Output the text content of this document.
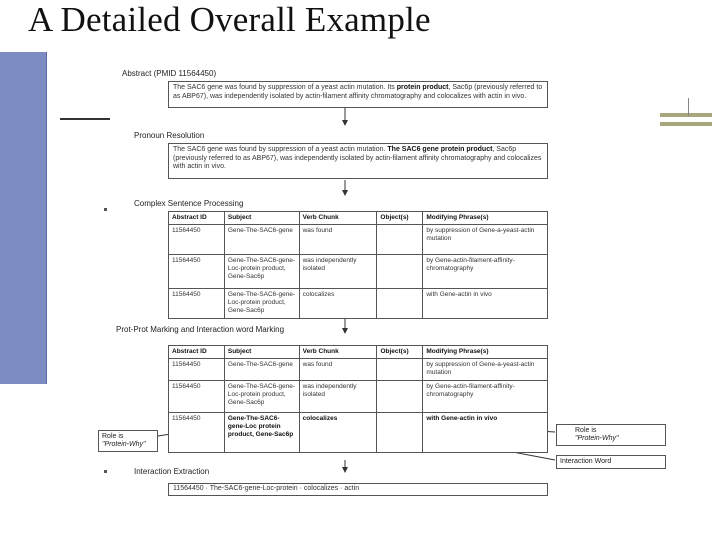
A Detailed Overall Example
Abstract (PMID 11564450)
The SAC6 gene was found by suppression of a yeast actin mutation. Its protein product, Sac6p (previously referred to as ABP67), was independently isolated by actin-filament affinity chromatography and colocalizes with actin in vivo.
Pronoun Resolution
The SAC6 gene was found by suppression of a yeast actin mutation. The SAC6 gene protein product, Sac6p (previously referred to as ABP67), was independently isolated by actin-filament affinity chromatography and colocalizes with actin in vivo.
Complex Sentence Processing
Abstract ID	Subject	Verb Chunk	Object(s)	Modifying Phrase(s)
11564450	Gene-The-SAC6-gene	was found		by suppression of Gene-a-yeast-actin mutation
11564450	Gene-The-SAC6-gene-Loc-protein product, Gene-Sac6p	was independently isolated		by Gene-actin-filament-affinity-chromatography
11564450	Gene-The-SAC6-gene-Loc-protein product, Gene-Sac6p	colocalizes		with Gene-actin in vivo
Prot-Prot Marking and Interaction word Marking
Abstract ID	Subject	Verb Chunk	Object(s)	Modifying Phrase(s)
11564450	Gene-The-SAC6-gene	was found		by suppression of Gene-a-yeast-actin mutation
11564450	Gene-The-SAC6-gene-Loc-protein product, Gene-Sac6p	was independently isolated		by Gene-actin-filament-affinity-chromatography
11564450	Gene-The-SAC6-gene-Loc protein product, Gene-Sac6p	colocalizes		with Gene-actin in vivo
Role is
"Protein-Why"
Role is
"Protein-Why"
Interaction Word
Interaction Extraction
11564450 · The-SAC6-gene-Loc-protein · colocalizes · actin
